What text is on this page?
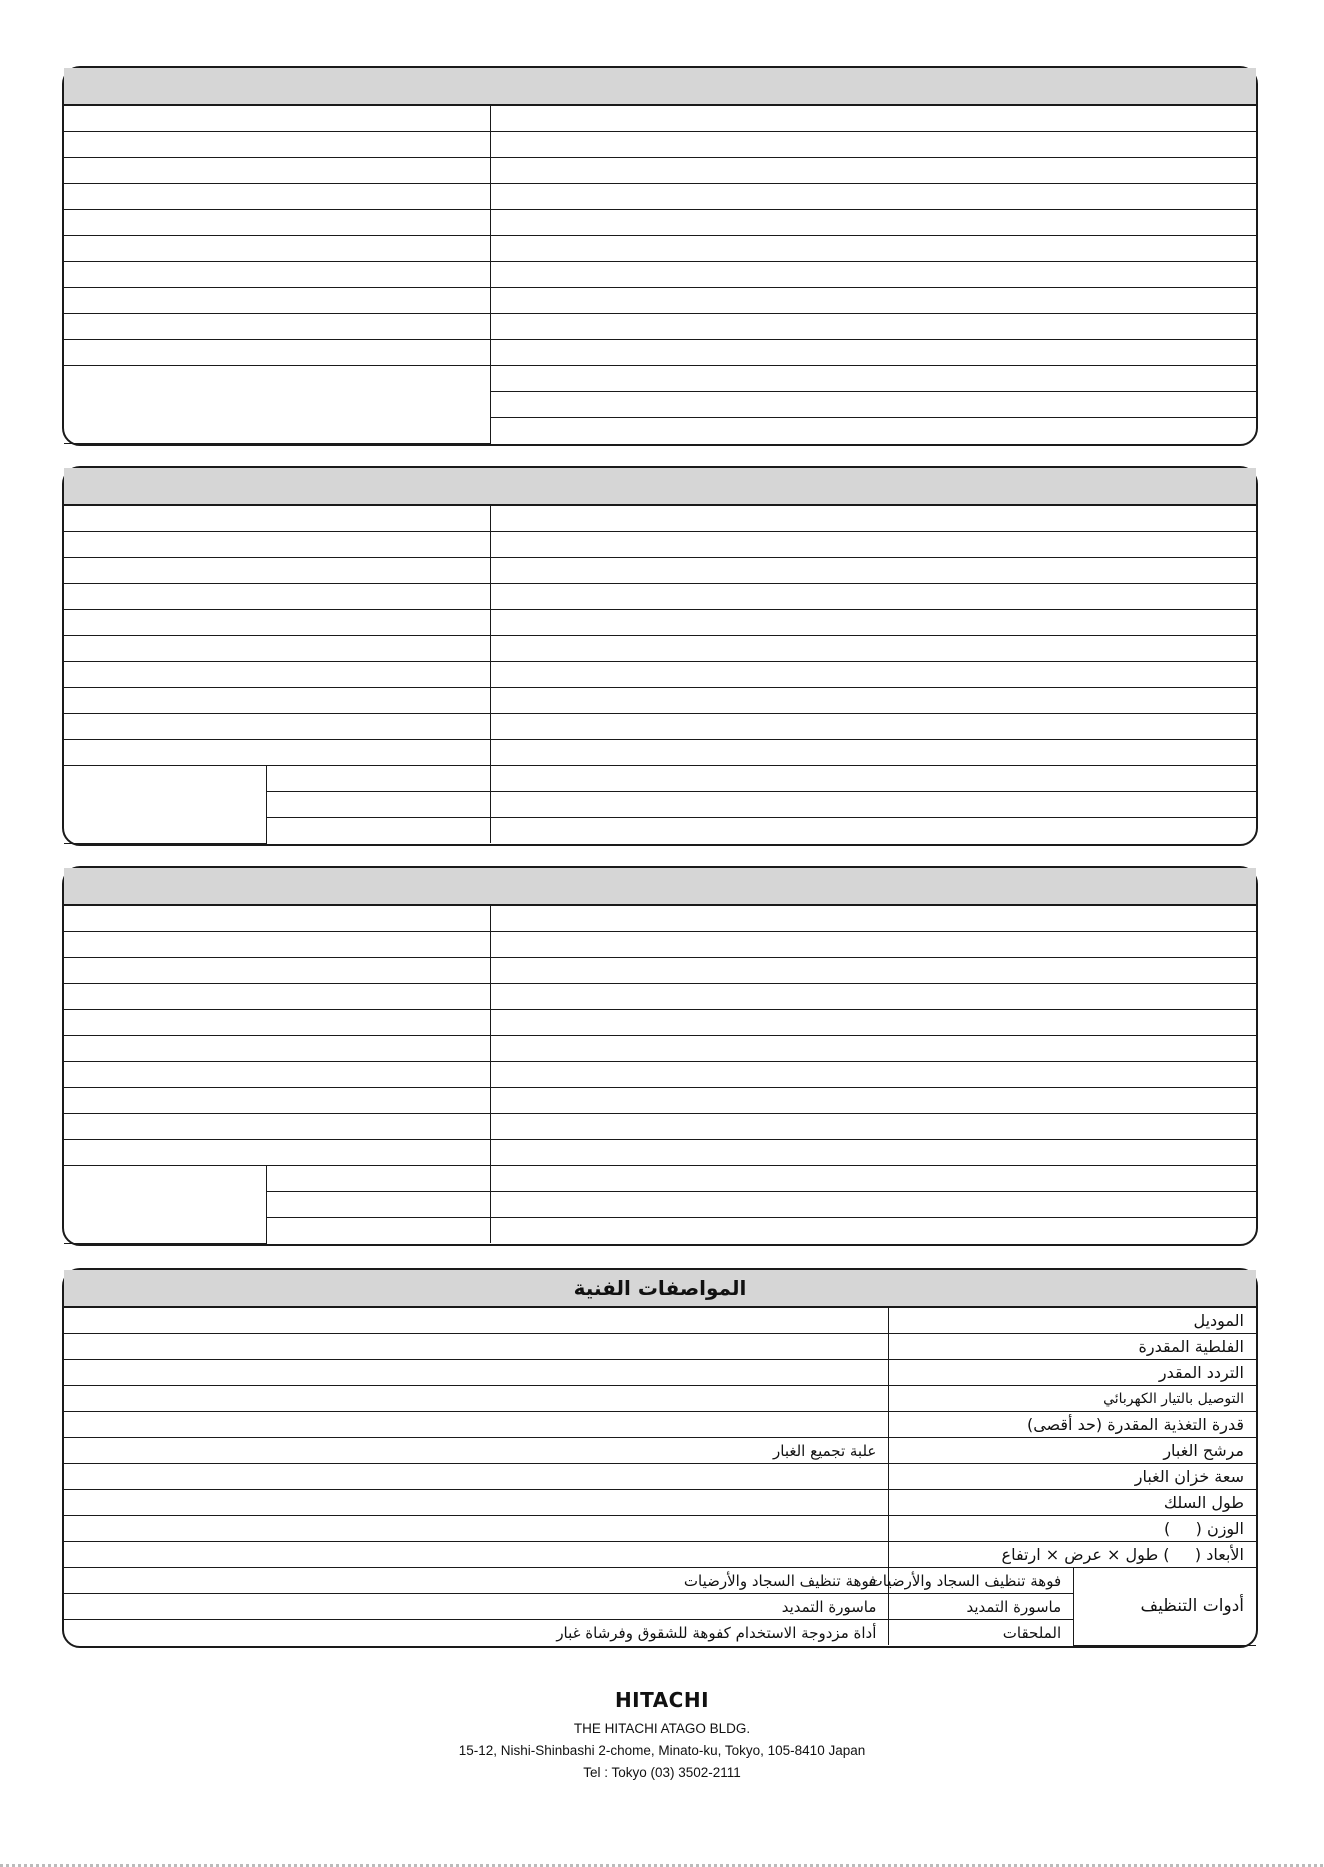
المواصفات الفنية
الموديل		
الفلطية المقدرة		
التردد المقدر		
التوصيل بالتيار الكهربائي		
قدرة التغذية المقدرة (حد أقصى)		
مرشح الغبار		علبة تجميع الغبار
سعة خزان الغبار		
طول السلك		
الوزن (     )		
الأبعاد (     ) طول × عرض × ارتفاع		
أدوات التنظيف	فوهة تنظيف السجاد والأرضيات	فوهة تنظيف السجاد والأرضيات
	ماسورة التمديد	ماسورة التمديد
	الملحقات	أداة مزدوجة الاستخدام كفوهة للشقوق وفرشاة غبار
HITACHI
THE HITACHI ATAGO BLDG.
15-12, Nishi-Shinbashi 2-chome, Minato-ku, Tokyo, 105-8410 Japan
Tel : Tokyo (03) 3502-2111
